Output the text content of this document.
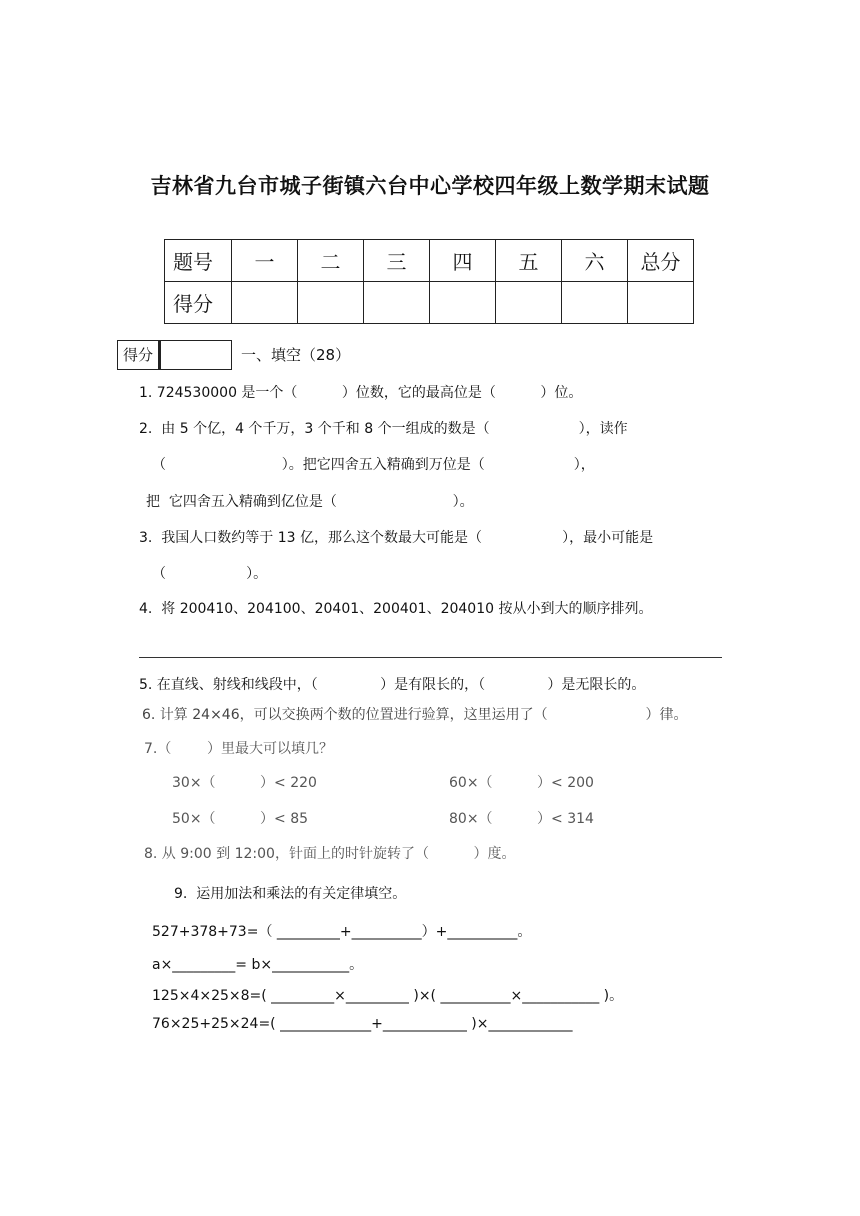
吉林省九台市城子街镇六台中心学校四年级上数学期末试题
题号	一	二	三	四	五	六	总分
得分							
得分	一、填空（28）
1. 724530000 是一个（          ）位数，它的最高位是（          ）位。
2.  由 5 个亿，4 个千万，3 个千和 8 个一组成的数是（                    ），读作
（                          ）。把它四舍五入精确到万位是（                    ），
把  它四舍五入精确到亿位是（                          ）。
3.  我国人口数约等于 13 亿，那么这个数最大可能是（                  ），最小可能是
（                  ）。
4.  将 200410、204100、20401、200401、204010 按从小到大的顺序排列。
5. 在直线、射线和线段中，（              ）是有限长的，（              ）是无限长的。
6. 计算 24×46，可以交换两个数的位置进行验算，这里运用了（                      ）律。
7.（        ）里最大可以填几？
30×（          ）< 220	60×（          ）< 200
50×（          ）< 85	80×（          ）< 314
8. 从 9:00 到 12:00，针面上的时针旋转了（          ）度。
9.  运用加法和乘法的有关定律填空。
527+378+73=（ _________+__________）+__________。
a×_________= b×___________。
125×4×25×8=( _________×_________ )×( __________×___________ )。
76×25+25×24=( _____________+____________ )×____________
